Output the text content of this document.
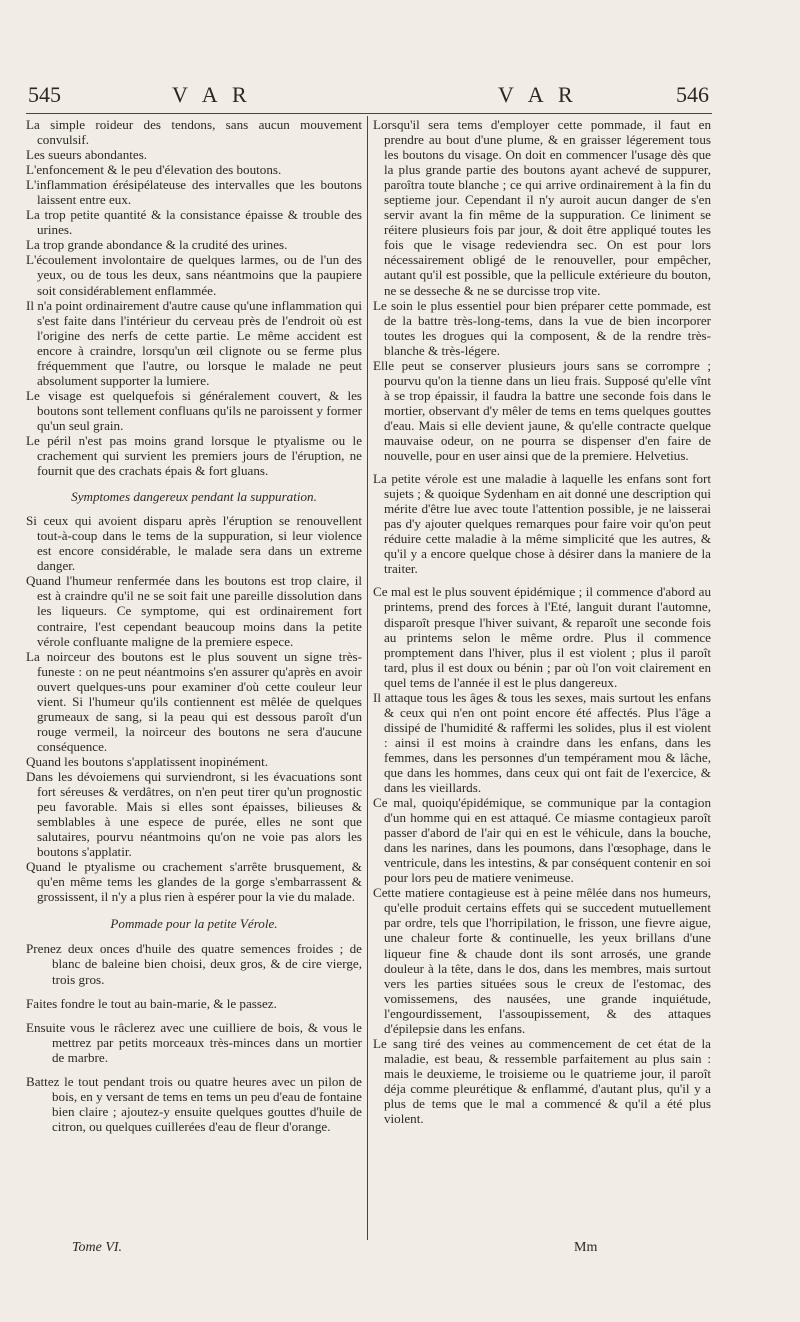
545	V A R	V A R	546

La simple roideur des tendons, sans aucun mouvement convulsif.

Les sueurs abondantes.

L'enfoncement & le peu d'élevation des boutons.

L'inflammation érésipélateuse des intervalles que les boutons laissent entre eux.

La trop petite quantité & la consistance épaisse & trouble des urines.

La trop grande abondance & la crudité des urines.

L'écoulement involontaire de quelques larmes, ou de l'un des yeux, ou de tous les deux, sans néantmoins que la paupiere soit considérablement enflammée.

Il n'a point ordinairement d'autre cause qu'une inflammation qui s'est faite dans l'intérieur du cerveau près de l'endroit où est l'origine des nerfs de cette partie. Le même accident est encore à craindre, lorsqu'un œil clignote ou se ferme plus fréquemment que l'autre, ou lorsque le malade ne peut absolument supporter la lumiere.

Le visage est quelquefois si généralement couvert, & les boutons sont tellement confluans qu'ils ne paroissent y former qu'un seul grain.

Le péril n'est pas moins grand lorsque le ptyalisme ou le crachement qui survient les premiers jours de l'éruption, ne fournit que des crachats épais & fort gluans.

Symptomes dangereux pendant la suppuration.

Si ceux qui avoient disparu après l'éruption se renouvellent tout-à-coup dans le tems de la suppuration, si leur violence est encore considérable, le malade sera dans un extreme danger.

Quand l'humeur renfermée dans les boutons est trop claire, il est à craindre qu'il ne se soit fait une pareille dissolution dans les liqueurs. Ce symptome, qui est ordinairement fort contraire, l'est cependant beaucoup moins dans la petite vérole confluante maligne de la premiere espece.

La noirceur des boutons est le plus souvent un signe très-funeste : on ne peut néantmoins s'en assurer qu'après en avoir ouvert quelques-uns pour examiner d'où cette couleur leur vient. Si l'humeur qu'ils contiennent est mêlée de quelques grumeaux de sang, si la peau qui est dessous paroît d'un rouge vermeil, la noirceur des boutons ne sera d'aucune conséquence.

Quand les boutons s'applatissent inopinément.

Dans les dévoiemens qui surviendront, si les évacuations sont fort séreuses & verdâtres, on n'en peut tirer qu'un prognostic peu favorable. Mais si elles sont épaisses, bilieuses & semblables à une espece de purée, elles ne sont que salutaires, pourvu néantmoins qu'on ne voie pas alors les boutons s'applatir.

Quand le ptyalisme ou crachement s'arrête brusquement, & qu'en même tems les glandes de la gorge s'embarrassent & grossissent, il n'y a plus rien à espérer pour la vie du malade.

Pommade pour la petite Vérole.

Prenez deux onces d'huile des quatre semences froides ; de blanc de baleine bien choisi, deux gros, & de cire vierge, trois gros.

Faites fondre le tout au bain-marie, & le passez.

Ensuite vous le râclerez avec une cuilliere de bois, & vous le mettrez par petits morceaux très-minces dans un mortier de marbre.

Battez le tout pendant trois ou quatre heures avec un pilon de bois, en y versant de tems en tems un peu d'eau de fontaine bien claire ; ajoutez-y ensuite quelques gouttes d'huile de citron, ou quelques cuillerées d'eau de fleur d'orange.

Lorsqu'il sera tems d'employer cette pommade, il faut en prendre au bout d'une plume, & en graisser légerement tous les boutons du visage. On doit en commencer l'usage dès que la plus grande partie des boutons ayant achevé de suppurer, paroîtra toute blanche ; ce qui arrive ordinairement à la fin du septieme jour. Cependant il n'y auroit aucun danger de s'en servir avant la fin même de la suppuration. Ce liniment se réitere plusieurs fois par jour, & doit être appliqué toutes les fois que le visage redeviendra sec. On est pour lors nécessairement obligé de le renouveller, pour empêcher, autant qu'il est possible, que la pellicule extérieure du bouton, ne se desseche & ne se durcisse trop vite.

Le soin le plus essentiel pour bien préparer cette pommade, est de la battre très-long-tems, dans la vue de bien incorporer toutes les drogues qui la composent, & de la rendre très-blanche & très-légere.

Elle peut se conserver plusieurs jours sans se corrompre ; pourvu qu'on la tienne dans un lieu frais. Supposé qu'elle vînt à se trop épaissir, il faudra la battre une seconde fois dans le mortier, observant d'y mêler de tems en tems quelques gouttes d'eau. Mais si elle devient jaune, & qu'elle contracte quelque mauvaise odeur, on ne pourra se dispenser d'en faire de nouvelle, pour en user ainsi que de la premiere. Helvetius.

La petite vérole est une maladie à laquelle les enfans sont fort sujets ; & quoique Sydenham en ait donné une description qui mérite d'être lue avec toute l'attention possible, je ne laisserai pas d'y ajouter quelques remarques pour faire voir qu'on peut réduire cette maladie à la même simplicité que les autres, & qu'il y a encore quelque chose à désirer dans la maniere de la traiter.

Ce mal est le plus souvent épidémique ; il commence d'abord au printems, prend des forces à l'Eté, languit durant l'automne, disparoît presque l'hiver suivant, & reparoît une seconde fois au printems selon le même ordre. Plus il commence promptement dans l'hiver, plus il est violent ; plus il paroît tard, plus il est doux ou bénin ; par où l'on voit clairement en quel tems de l'année il est le plus dangereux.

Il attaque tous les âges & tous les sexes, mais surtout les enfans & ceux qui n'en ont point encore été affectés. Plus l'âge a dissipé de l'humidité & raffermi les solides, plus il est violent : ainsi il est moins à craindre dans les enfans, dans les femmes, dans les personnes d'un tempérament mou & lâche, que dans les hommes, dans ceux qui ont fait de l'exercice, & dans les vieillards.

Ce mal, quoiqu'épidémique, se communique par la contagion d'un homme qui en est attaqué. Ce miasme contagieux paroît passer d'abord de l'air qui en est le véhicule, dans la bouche, dans les narines, dans les poumons, dans l'œsophage, dans le ventricule, dans les intestins, & par conséquent contenir en soi pour lors peu de matiere venimeuse.

Cette matiere contagieuse est à peine mêlée dans nos humeurs, qu'elle produit certains effets qui se succedent mutuellement par ordre, tels que l'horripilation, le frisson, une fievre aigue, une chaleur forte & continuelle, les yeux brillans d'une liqueur fine & chaude dont ils sont arrosés, une grande douleur à la tête, dans le dos, dans les membres, mais surtout vers les parties situées sous le creux de l'estomac, des vomissemens, des nausées, une grande inquiétude, l'engourdissement, l'assoupissement, & des attaques d'épilepsie dans les enfans.

Le sang tiré des veines au commencement de cet état de la maladie, est beau, & ressemble parfaitement au plus sain : mais le deuxieme, le troisieme ou le quatrieme jour, il paroît déja comme pleurétique & enflammé, d'autant plus, qu'il y a plus de tems que le mal a commencé & qu'il a été plus violent.

Tome VI.	Mm
